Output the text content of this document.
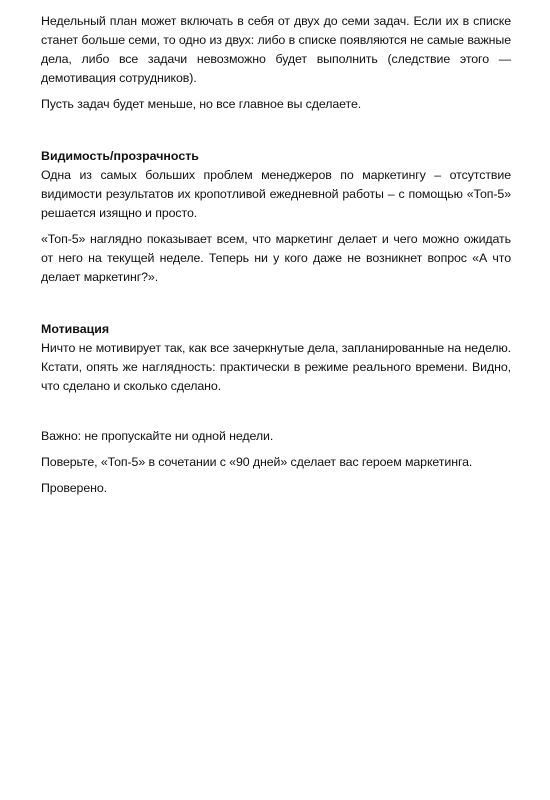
Недельный план может включать в себя от двух до семи задач. Если их в списке станет больше семи, то одно из двух: либо в списке появляются не самые важные дела, либо все задачи невозможно будет выполнить (следствие этого — демотивация сотрудников).

Пусть задач будет меньше, но все главное вы сделаете.

Видимость/прозрачность

Одна из самых больших проблем менеджеров по маркетингу – отсутствие видимости результатов их кропотливой ежедневной работы – с помощью «Топ-5» решается изящно и просто.

«Топ-5» наглядно показывает всем, что маркетинг делает и чего можно ожидать от него на текущей неделе. Теперь ни у кого даже не возникнет вопрос «А что делает маркетинг?».

Мотивация

Ничто не мотивирует так, как все зачеркнутые дела, запланированные на неделю. Кстати, опять же наглядность: практически в режиме реального времени. Видно, что сделано и сколько сделано.

Важно: не пропускайте ни одной недели.

Поверьте, «Топ-5» в сочетании с «90 дней» сделает вас героем маркетинга.

Проверено.
